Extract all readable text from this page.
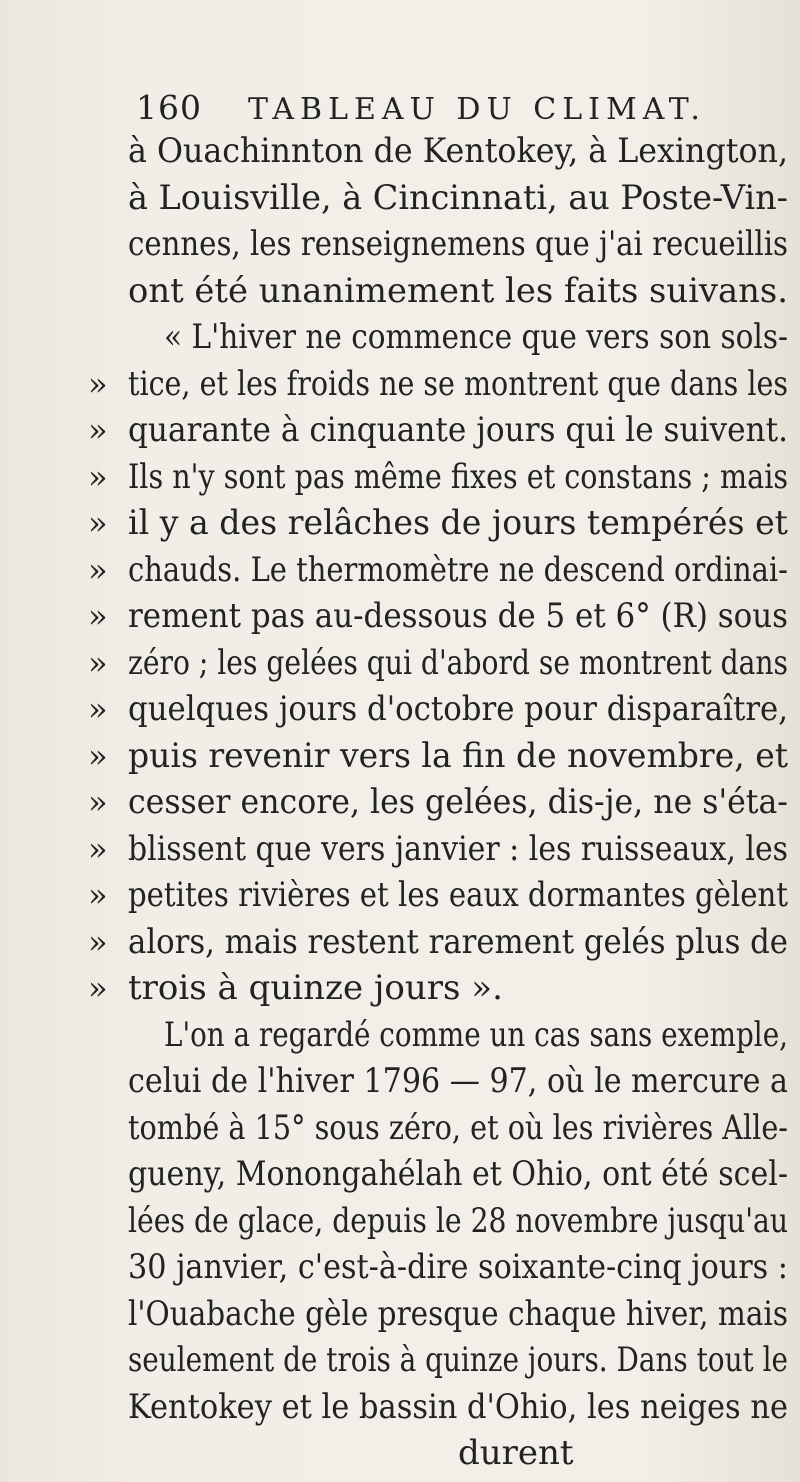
160 TABLEAU DU CLIMAT.
à Ouachinnton de Kentokey, à Lexington,
à Louisville, à Cincinnati, au Poste-Vin-
cennes, les renseignemens que j'ai recueillis
ont été unanimement les faits suivans.
« L'hiver ne commence que vers son sols-
» tice, et les froids ne se montrent que dans les
» quarante à cinquante jours qui le suivent.
» Ils n'y sont pas même fixes et constans ; mais
» il y a des relâches de jours tempérés et
» chauds. Le thermomètre ne descend ordinai-
» rement pas au-dessous de 5 et 6° (R) sous
» zéro ; les gelées qui d'abord se montrent dans
» quelques jours d'octobre pour disparaître,
» puis revenir vers la fin de novembre, et
» cesser encore, les gelées, dis-je, ne s'éta-
» blissent que vers janvier : les ruisseaux, les
» petites rivières et les eaux dormantes gèlent
» alors, mais restent rarement gelés plus de
» trois à quinze jours ».
L'on a regardé comme un cas sans exemple,
celui de l'hiver 1796 — 97, où le mercure a
tombé à 15° sous zéro, et où les rivières Alle-
gueny, Monongahélah et Ohio, ont été scel-
lées de glace, depuis le 28 novembre jusqu'au
30 janvier, c'est-à-dire soixante-cinq jours :
l'Ouabache gèle presque chaque hiver, mais
seulement de trois à quinze jours. Dans tout le
Kentokey et le bassin d'Ohio, les neiges ne
durent
